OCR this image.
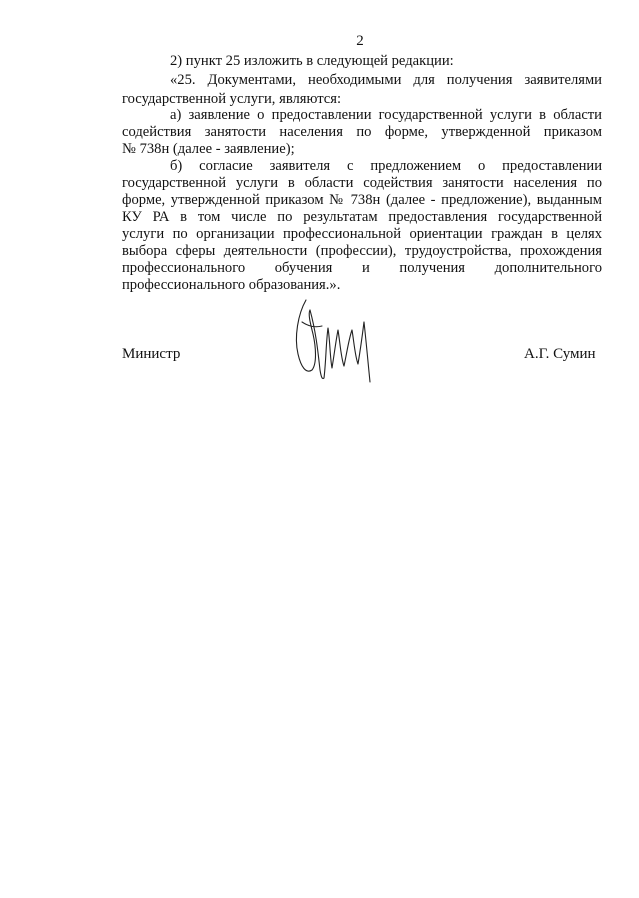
2
2) пункт 25 изложить в следующей редакции:
«25. Документами, необходимыми для получения заявителями
государственной услуги, являются:
а) заявление о предоставлении государственной услуги в области
содействия занятости населения по форме, утвержденной приказом
№ 738н (далее - заявление);
б) согласие заявителя с предложением о предоставлении
государственной услуги в области содействия занятости населения по
форме, утвержденной приказом № 738н (далее - предложение), выданным
КУ РА в том числе по результатам предоставления государственной
услуги по организации профессиональной ориентации граждан в целях
выбора сферы деятельности (профессии), трудоустройства, прохождения
профессионального обучения и получения дополнительного
профессионального образования.».
Министр	А.Г. Сумин
